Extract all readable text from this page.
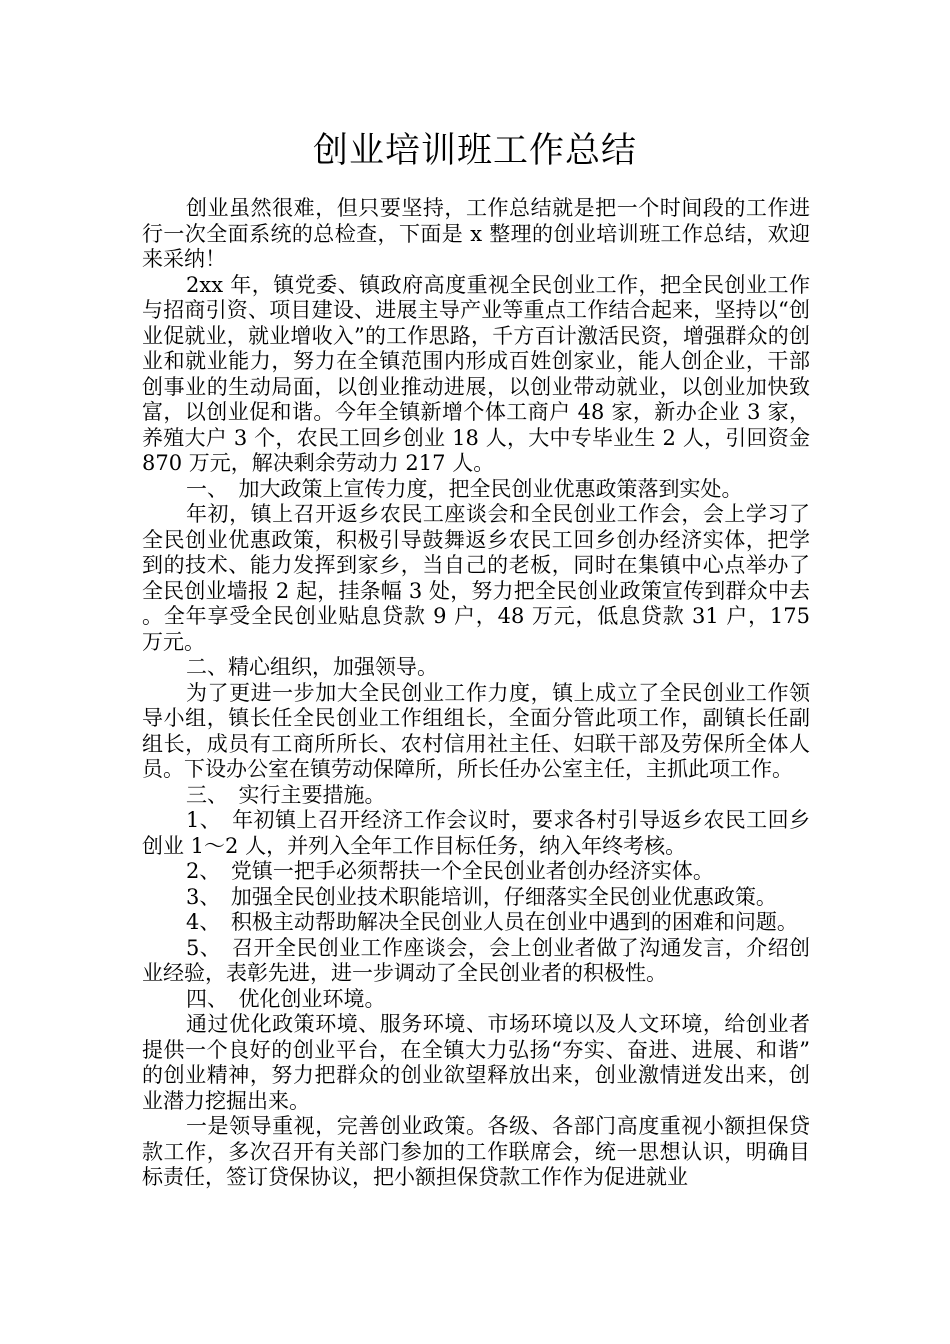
创业培训班工作总结

创业虽然很难，但只要坚持，工作总结就是把一个时间段的工作进行一次全面系统的总检查，下面是 x 整理的创业培训班工作总结，欢迎来采纳！

2xx 年，镇党委、镇政府高度重视全民创业工作，把全民创业工作与招商引资、项目建设、进展主导产业等重点工作结合起来，坚持以“创业促就业，就业增收入”的工作思路，千方百计激活民资，增强群众的创业和就业能力，努力在全镇范围内形成百姓创家业，能人创企业，干部创事业的生动局面，以创业推动进展，以创业带动就业，以创业加快致富，以创业促和谐。今年全镇新增个体工商户 48 家，新办企业 3 家，养殖大户 3 个，农民工回乡创业 18 人，大中专毕业生 2 人，引回资金 870 万元，解决剩余劳动力 217 人。

一、　加大政策上宣传力度，把全民创业优惠政策落到实处。

年初，镇上召开返乡农民工座谈会和全民创业工作会，会上学习了全民创业优惠政策，积极引导鼓舞返乡农民工回乡创办经济实体，把学到的技术、能力发挥到家乡，当自己的老板，同时在集镇中心点举办了全民创业墙报 2 起，挂条幅 3 处，努力把全民创业政策宣传到群众中去。全年享受全民创业贴息贷款 9 户，48 万元，低息贷款 31 户，175 万元。

二、精心组织，加强领导。

为了更进一步加大全民创业工作力度，镇上成立了全民创业工作领导小组，镇长任全民创业工作组组长，全面分管此项工作，副镇长任副组长，成员有工商所所长、农村信用社主任、妇联干部及劳保所全体人员。下设办公室在镇劳动保障所，所长任办公室主任，主抓此项工作。

三、　实行主要措施。

1、　年初镇上召开经济工作会议时，要求各村引导返乡农民工回乡创业 1～2 人，并列入全年工作目标任务，纳入年终考核。

2、　党镇一把手必须帮扶一个全民创业者创办经济实体。

3、　加强全民创业技术职能培训，仔细落实全民创业优惠政策。

4、　积极主动帮助解决全民创业人员在创业中遇到的困难和问题。

5、　召开全民创业工作座谈会，会上创业者做了沟通发言，介绍创业经验，表彰先进，进一步调动了全民创业者的积极性。

四、　优化创业环境。

通过优化政策环境、服务环境、市场环境以及人文环境，给创业者提供一个良好的创业平台，在全镇大力弘扬“夯实、奋进、进展、和谐”的创业精神，努力把群众的创业欲望释放出来，创业激情迸发出来，创业潜力挖掘出来。

一是领导重视，完善创业政策。各级、各部门高度重视小额担保贷款工作，多次召开有关部门参加的工作联席会，统一思想认识，明确目标责任，签订贷保协议，把小额担保贷款工作作为促进就业
